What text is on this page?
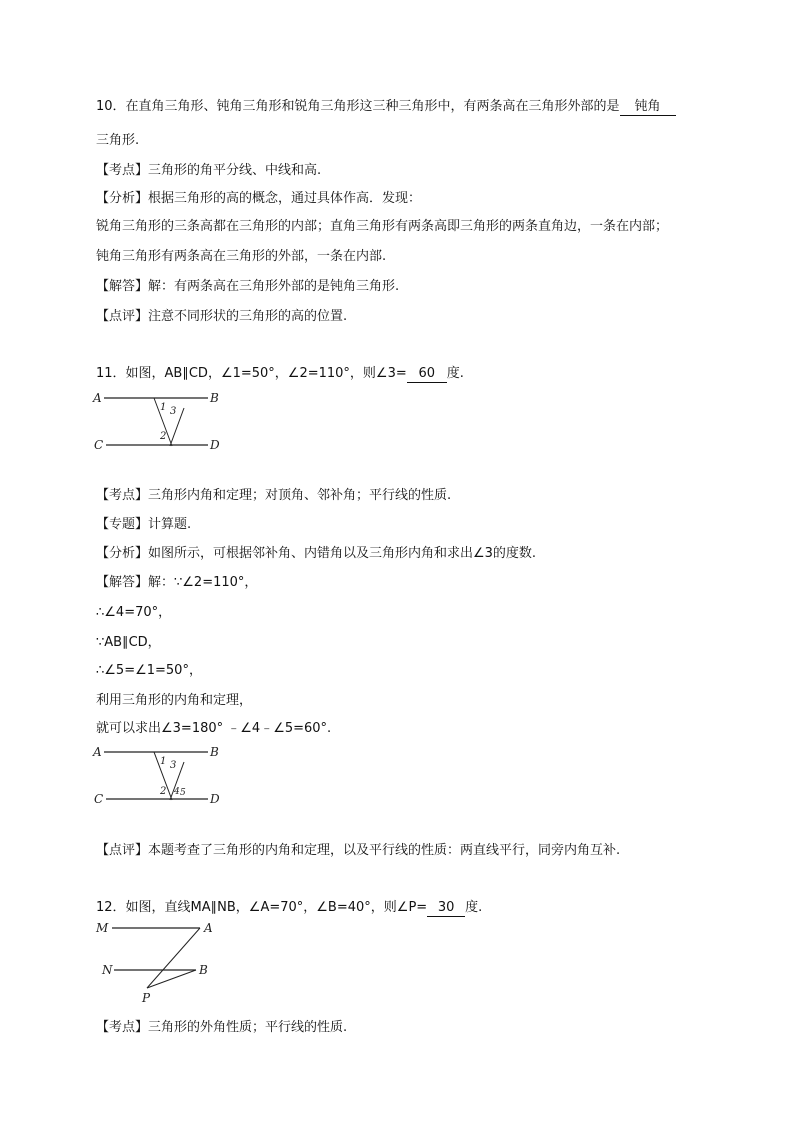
10．在直角三角形、钝角三角形和锐角三角形这三种三角形中，有两条高在三角形外部的是 钝角
三角形.
【考点】三角形的角平分线、中线和高.
【分析】根据三角形的高的概念，通过具体作高．发现：
锐角三角形的三条高都在三角形的内部；直角三角形有两条高即三角形的两条直角边，一条在内部；
钝角三角形有两条高在三角形的外部，一条在内部.
【解答】解：有两条高在三角形外部的是钝角三角形.
【点评】注意不同形状的三角形的高的位置.
11．如图，AB∥CD，∠1=50°，∠2=110°，则∠3= 60 度.
A	B
C	D
1 3
2
【考点】三角形内角和定理；对顶角、邻补角；平行线的性质.
【专题】计算题.
【分析】如图所示，可根据邻补角、内错角以及三角形内角和求出∠3的度数.
【解答】解：∵∠2=110°，
∴∠4=70°，
∵AB∥CD，
∴∠5=∠1=50°，
利用三角形的内角和定理，
就可以求出∠3=180° ﹣∠4﹣∠5=60°.
A	B
C	D
1 3
2 4 5
【点评】本题考查了三角形的内角和定理，以及平行线的性质：两直线平行，同旁内角互补.
12．如图，直线MA∥NB，∠A=70°，∠B=40°，则∠P= 30 度.
M	A
N	B
P
【考点】三角形的外角性质；平行线的性质.
